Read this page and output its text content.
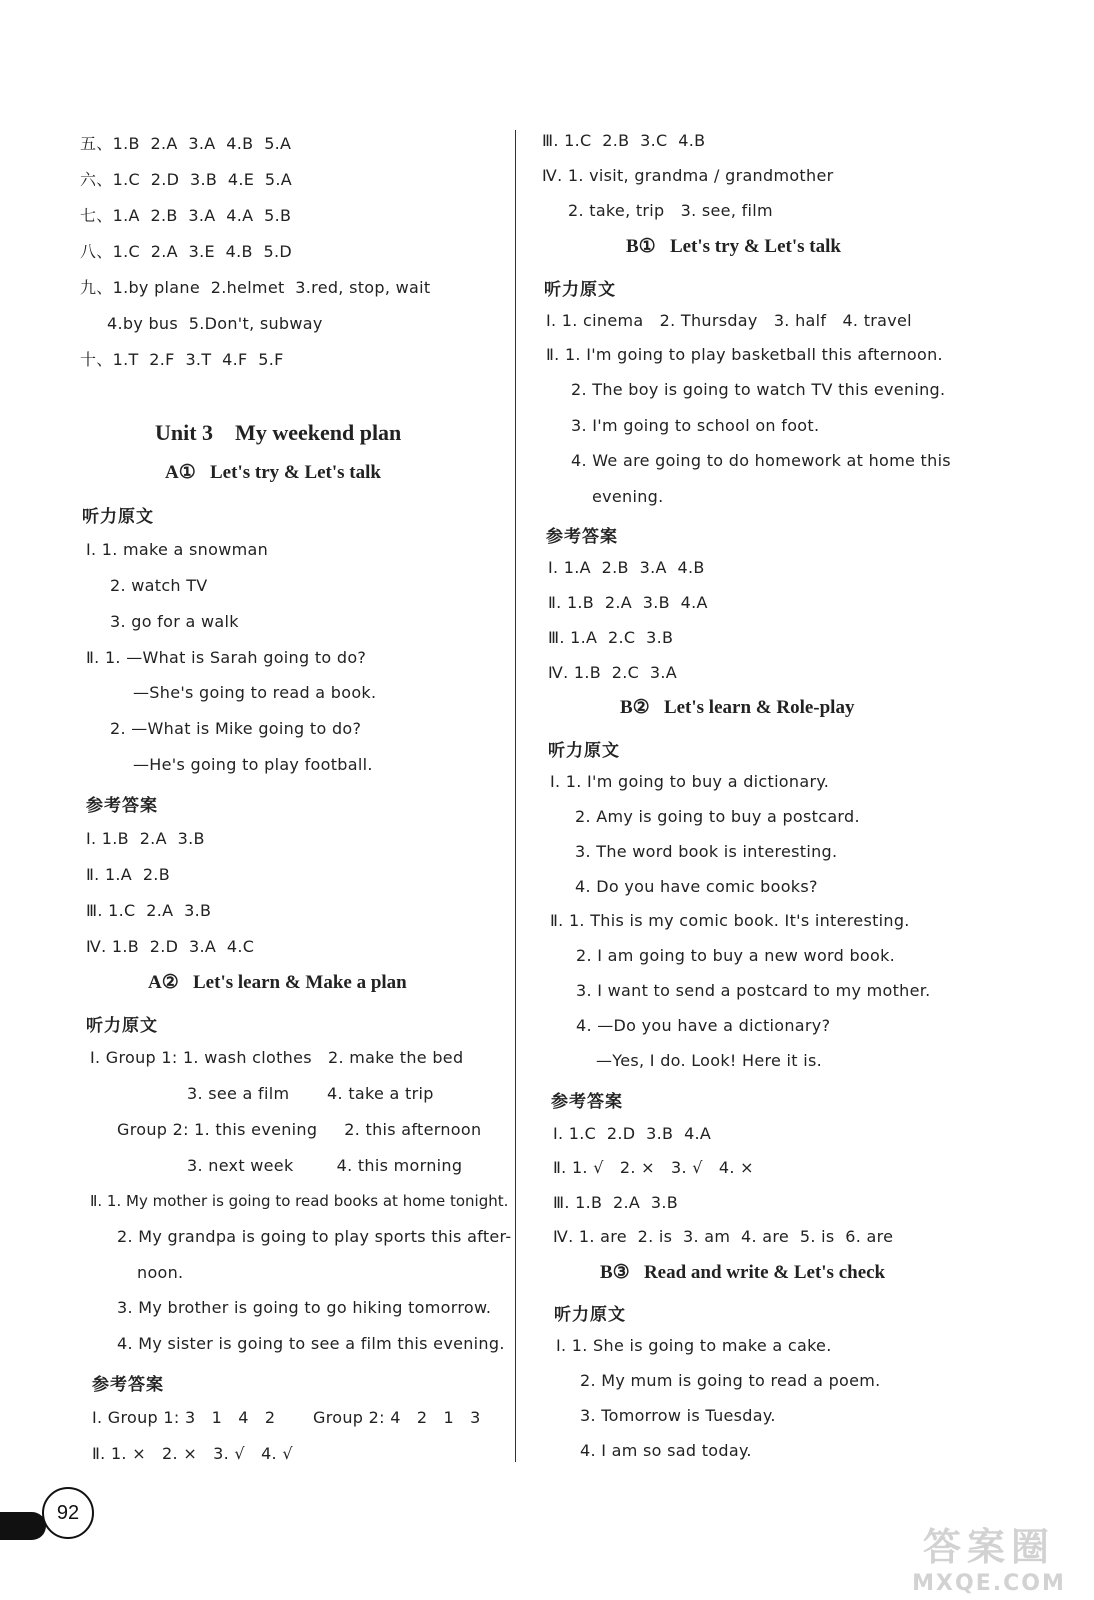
五、1.B  2.A  3.A  4.B  5.A
六、1.C  2.D  3.B  4.E  5.A
七、1.A  2.B  3.A  4.A  5.B
八、1.C  2.A  3.E  4.B  5.D
九、1.by plane  2.helmet  3.red, stop, wait
4.by bus  5.Don't, subway
十、1.T  2.F  3.T  4.F  5.F
Unit 3    My weekend plan
A①   Let's try & Let's talk
听力原文
Ⅰ. 1. make a snowman
2. watch TV
3. go for a walk
Ⅱ. 1. —What is Sarah going to do?
—She's going to read a book.
2. —What is Mike going to do?
—He's going to play football.
参考答案
Ⅰ. 1.B  2.A  3.B
Ⅱ. 1.A  2.B
Ⅲ. 1.C  2.A  3.B
Ⅳ. 1.B  2.D  3.A  4.C
A②   Let's learn & Make a plan
听力原文
Ⅰ. Group 1: 1. wash clothes   2. make the bed
3. see a film       4. take a trip
Group 2: 1. this evening     2. this afternoon
3. next week        4. this morning
Ⅱ. 1. My mother is going to read books at home tonight.
2. My grandpa is going to play sports this after-
noon.
3. My brother is going to go hiking tomorrow.
4. My sister is going to see a film this evening.
参考答案
Ⅰ. Group 1: 3   1   4   2       Group 2: 4   2   1   3
Ⅱ. 1. ×   2. ×   3. √   4. √
Ⅲ. 1.C  2.B  3.C  4.B
Ⅳ. 1. visit, grandma / grandmother
2. take, trip   3. see, film
B①   Let's try & Let's talk
听力原文
Ⅰ. 1. cinema   2. Thursday   3. half   4. travel
Ⅱ. 1. I'm going to play basketball this afternoon.
2. The boy is going to watch TV this evening.
3. I'm going to school on foot.
4. We are going to do homework at home this
evening.
参考答案
Ⅰ. 1.A  2.B  3.A  4.B
Ⅱ. 1.B  2.A  3.B  4.A
Ⅲ. 1.A  2.C  3.B
Ⅳ. 1.B  2.C  3.A
B②   Let's learn & Role-play
听力原文
Ⅰ. 1. I'm going to buy a dictionary.
2. Amy is going to buy a postcard.
3. The word book is interesting.
4. Do you have comic books?
Ⅱ. 1. This is my comic book. It's interesting.
2. I am going to buy a new word book.
3. I want to send a postcard to my mother.
4. —Do you have a dictionary?
—Yes, I do. Look! Here it is.
参考答案
Ⅰ. 1.C  2.D  3.B  4.A
Ⅱ. 1. √   2. ×   3. √   4. ×
Ⅲ. 1.B  2.A  3.B
Ⅳ. 1. are  2. is  3. am  4. are  5. is  6. are
B③   Read and write & Let's check
听力原文
Ⅰ. 1. She is going to make a cake.
2. My mum is going to read a poem.
3. Tomorrow is Tuesday.
4. I am so sad today.
92
答案圈
MXQE.COM
